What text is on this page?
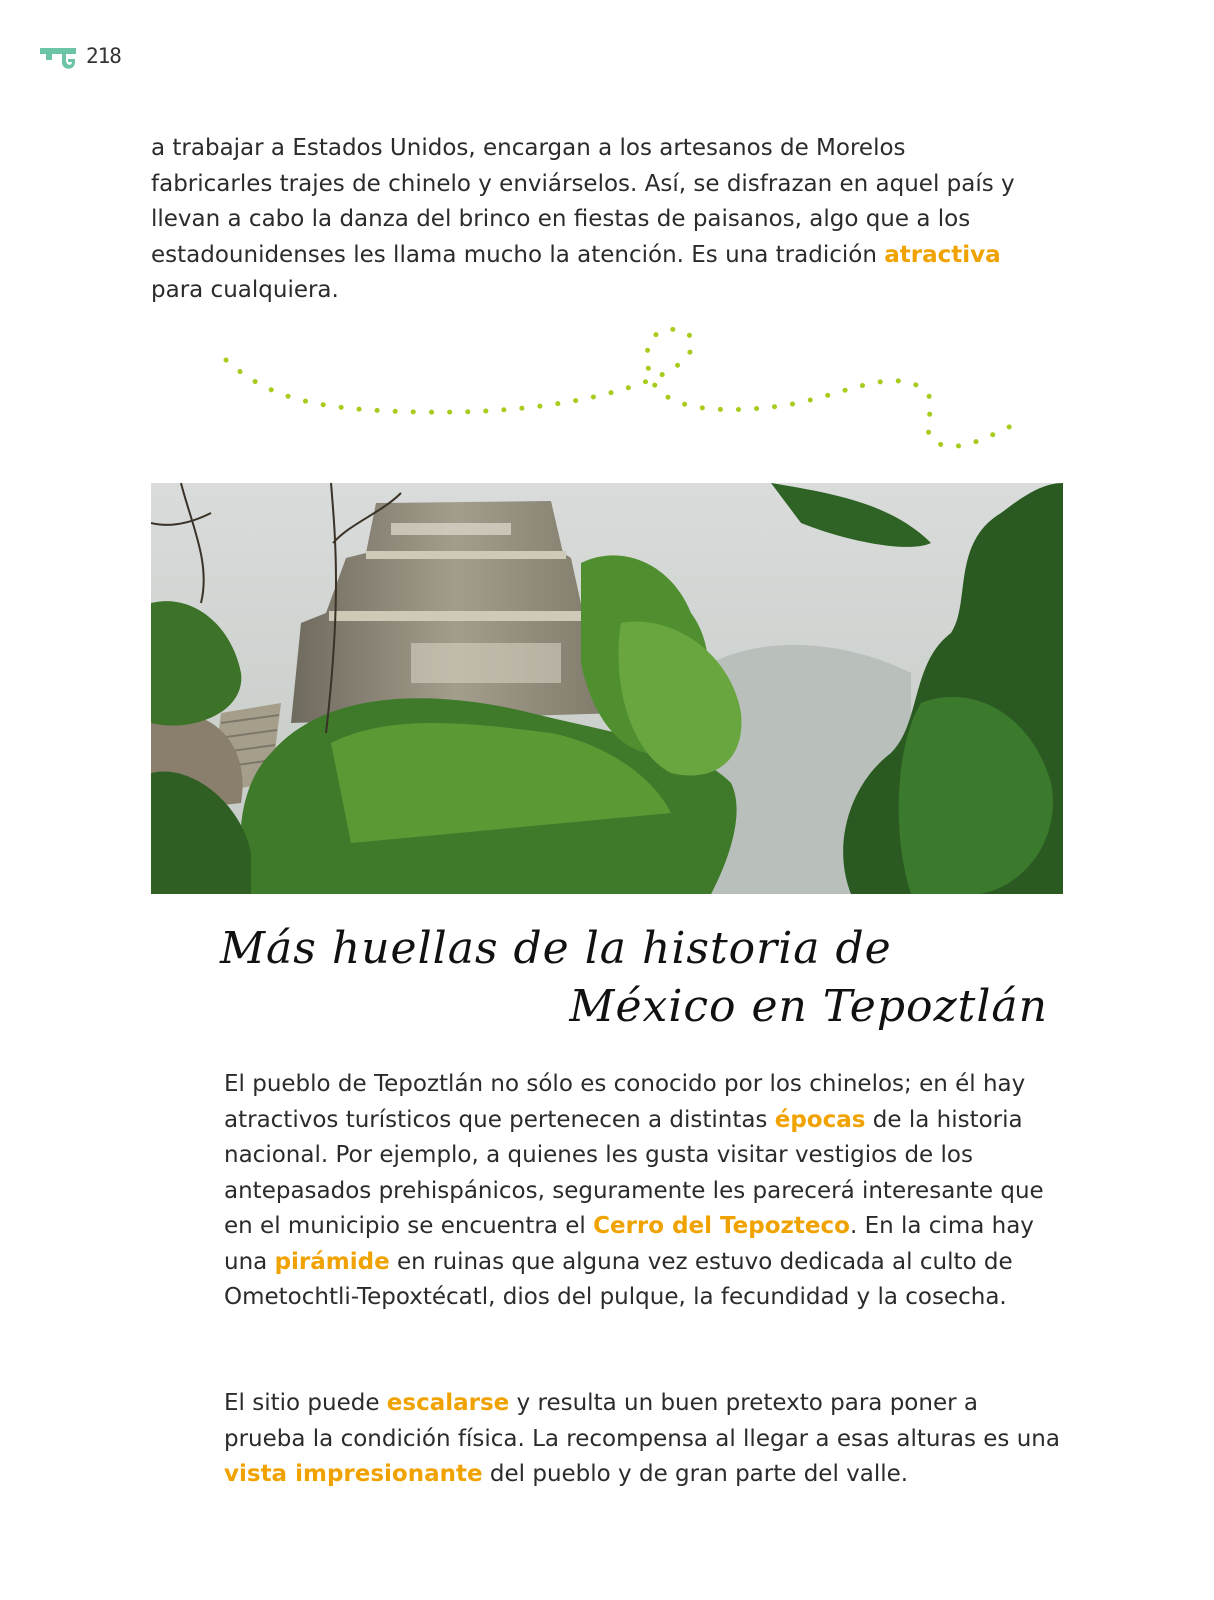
218

a trabajar a Estados Unidos, encargan a los artesanos de Morelos fabricarles trajes de chinelo y enviárselos. Así, se disfrazan en aquel país y llevan a cabo la danza del brinco en fiestas de paisanos, algo que a los estadounidenses les llama mucho la atención. Es una tradición atractiva para cualquiera.

Más huellas de la historia de
México en Tepoztlán

El pueblo de Tepoztlán no sólo es conocido por los chinelos; en él hay atractivos turísticos que pertenecen a distintas épocas de la historia nacional. Por ejemplo, a quienes les gusta visitar vestigios de los antepasados prehispánicos, seguramente les parecerá interesante que en el municipio se encuentra el Cerro del Tepozteco. En la cima hay una pirámide en ruinas que alguna vez estuvo dedicada al culto de Ometochtli-Tepoxtécatl, dios del pulque, la fecundidad y la cosecha.

El sitio puede escalarse y resulta un buen pretexto para poner a prueba la condición física. La recompensa al llegar a esas alturas es una vista impresionante del pueblo y de gran parte del valle.
